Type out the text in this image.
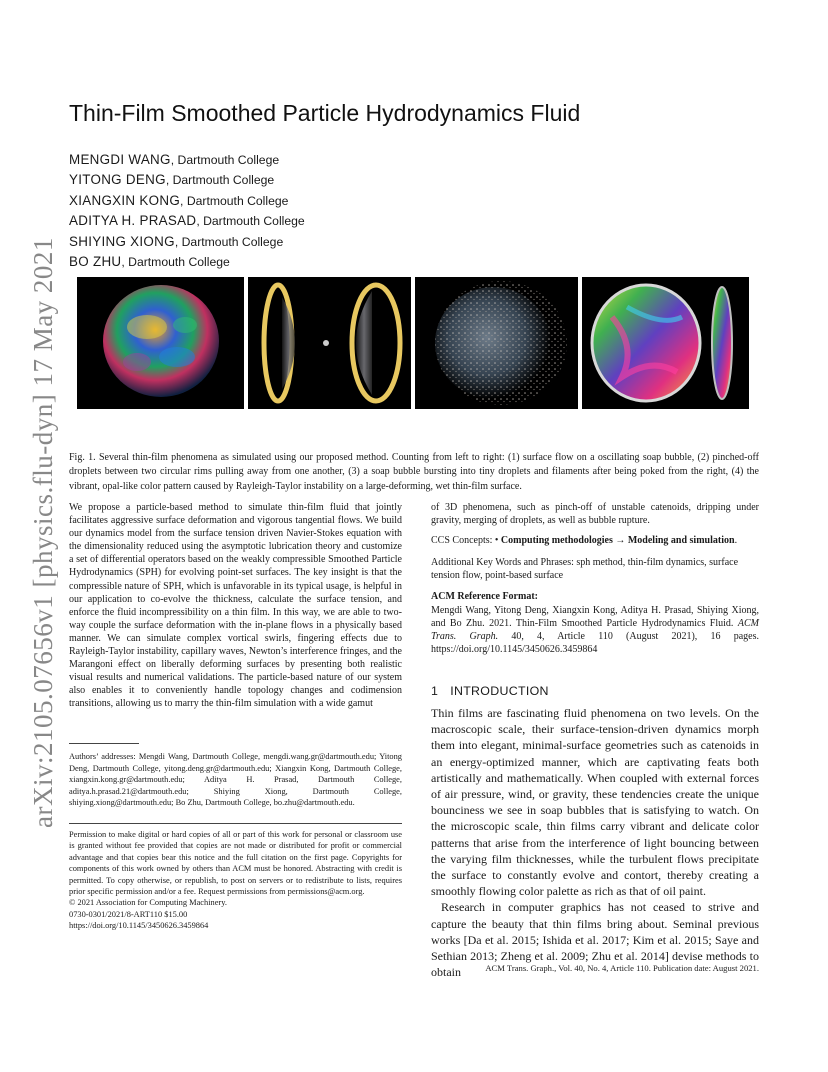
arXiv:2105.07656v1 [physics.flu-dyn] 17 May 2021
Thin-Film Smoothed Particle Hydrodynamics Fluid
MENGDI WANG, Dartmouth College
YITONG DENG, Dartmouth College
XIANGXIN KONG, Dartmouth College
ADITYA H. PRASAD, Dartmouth College
SHIYING XIONG, Dartmouth College
BO ZHU, Dartmouth College
Fig. 1. Several thin-film phenomena as simulated using our proposed method. Counting from left to right: (1) surface flow on a oscillating soap bubble, (2) pinched-off droplets between two circular rims pulling away from one another, (3) a soap bubble bursting into tiny droplets and filaments after being poked from the right, (4) the vibrant, opal-like color pattern caused by Rayleigh-Taylor instability on a large-deforming, wet thin-film surface.
We propose a particle-based method to simulate thin-film fluid that jointly facilitates aggressive surface deformation and vigorous tangential flows. We build our dynamics model from the surface tension driven Navier-Stokes equation with the dimensionality reduced using the asymptotic lubrication theory and customize a set of differential operators based on the weakly compressible Smoothed Particle Hydrodynamics (SPH) for evolving point-set surfaces. The key insight is that the compressible nature of SPH, which is unfavorable in its typical usage, is helpful in our application to co-evolve the thickness, calculate the surface tension, and enforce the fluid incompressibility on a thin film. In this way, we are able to two-way couple the surface deformation with the in-plane flows in a physically based manner. We can simulate complex vortical swirls, fingering effects due to Rayleigh-Taylor instability, capillary waves, Newton’s interference fringes, and the Marangoni effect on liberally deforming surfaces by presenting both realistic visual results and numerical validations. The particle-based nature of our system also enables it to conveniently handle topology changes and codimension transitions, allowing us to marry the thin-film simulation with a wide gamut

of 3D phenomena, such as pinch-off of unstable catenoids, dripping under gravity, merging of droplets, as well as bubble rupture.

CCS Concepts: • Computing methodologies → Modeling and simulation.

Additional Key Words and Phrases: sph method, thin-film dynamics, surface tension flow, point-based surface

ACM Reference Format:

Mengdi Wang, Yitong Deng, Xiangxin Kong, Aditya H. Prasad, Shiying Xiong, and Bo Zhu. 2021. Thin-Film Smoothed Particle Hydrodynamics Fluid. ACM Trans. Graph. 40, 4, Article 110 (August 2021), 16 pages. https://doi.org/10.1145/3450626.3459864

1 INTRODUCTION

Thin films are fascinating fluid phenomena on two levels. On the macroscopic scale, their surface-tension-driven dynamics morph them into elegant, minimal-surface geometries such as catenoids in an energy-optimized manner, which are captivating feats both artistically and mathematically. When coupled with external forces of air pressure, wind, or gravity, these tendencies create the unique bounciness we see in soap bubbles that is satisfying to watch. On the microscopic scale, thin films carry vibrant and delicate color patterns that arise from the interference of light bouncing between the varying film thicknesses, while the turbulent flows precipitate the surface to constantly evolve and contort, thereby creating a smoothly flowing color palette as rich as that of oil paint.

Research in computer graphics has not ceased to strive and capture the beauty that thin films bring about. Seminal previous works [Da et al. 2015; Ishida et al. 2017; Kim et al. 2015; Saye and Sethian 2013; Zheng et al. 2009; Zhu et al. 2014] devise methods to obtain

Authors’ addresses: Mengdi Wang, Dartmouth College, mengdi.wang.gr@dartmouth.edu; Yitong Deng, Dartmouth College, yitong.deng.gr@dartmouth.edu; Xiangxin Kong, Dartmouth College, xiangxin.kong.gr@dartmouth.edu; Aditya H. Prasad, Dartmouth College, aditya.h.prasad.21@dartmouth.edu; Shiying Xiong, Dartmouth College, shiying.xiong@dartmouth.edu; Bo Zhu, Dartmouth College, bo.zhu@dartmouth.edu.
Permission to make digital or hard copies of all or part of this work for personal or classroom use is granted without fee provided that copies are not made or distributed for profit or commercial advantage and that copies bear this notice and the full citation on the first page. Copyrights for components of this work owned by others than ACM must be honored. Abstracting with credit is permitted. To copy otherwise, or republish, to post on servers or to redistribute to lists, requires prior specific permission and/or a fee. Request permissions from permissions@acm.org.
© 2021 Association for Computing Machinery.
0730-0301/2021/8-ART110 $15.00
https://doi.org/10.1145/3450626.3459864
ACM Trans. Graph., Vol. 40, No. 4, Article 110. Publication date: August 2021.
